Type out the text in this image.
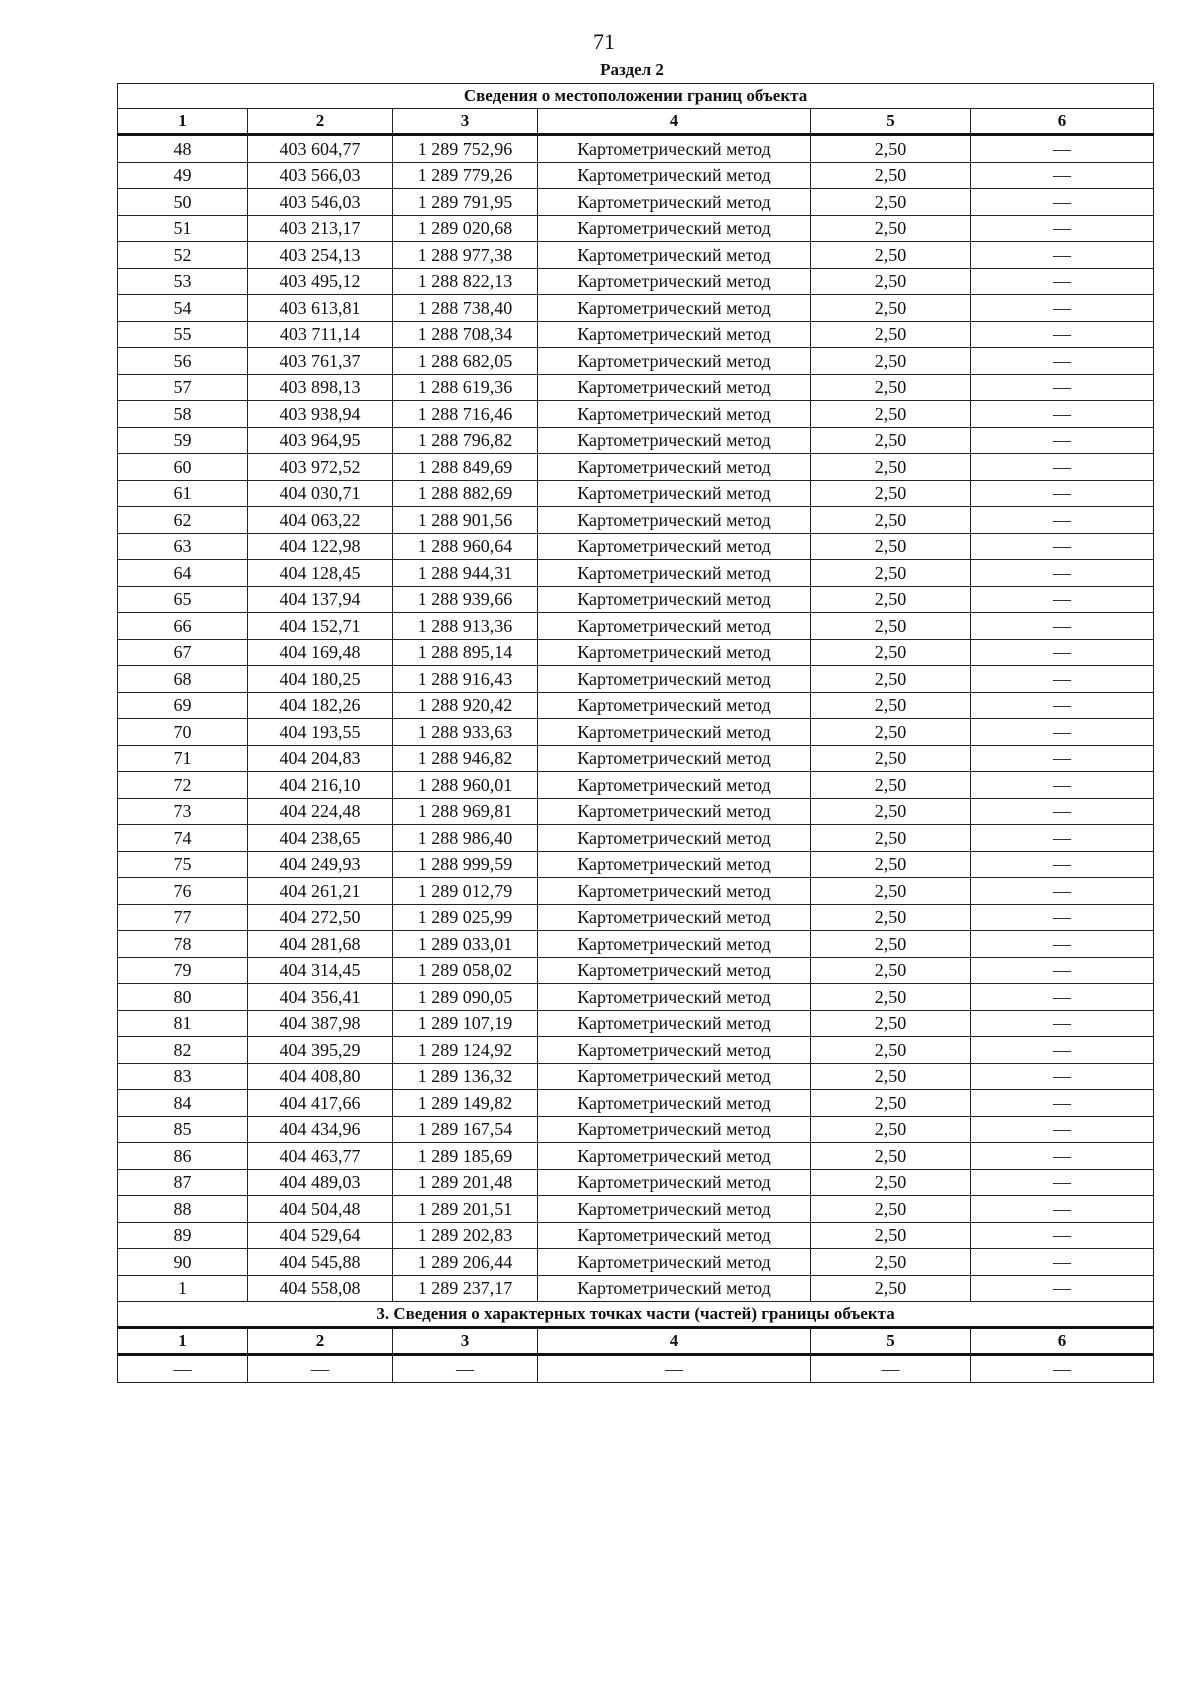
71
Раздел 2
Сведения о местоположении границ объекта					
1	2	3	4	5	6
48	403 604,77	1 289 752,96	Картометрический метод	2,50	—
49	403 566,03	1 289 779,26	Картометрический метод	2,50	—
50	403 546,03	1 289 791,95	Картометрический метод	2,50	—
51	403 213,17	1 289 020,68	Картометрический метод	2,50	—
52	403 254,13	1 288 977,38	Картометрический метод	2,50	—
53	403 495,12	1 288 822,13	Картометрический метод	2,50	—
54	403 613,81	1 288 738,40	Картометрический метод	2,50	—
55	403 711,14	1 288 708,34	Картометрический метод	2,50	—
56	403 761,37	1 288 682,05	Картометрический метод	2,50	—
57	403 898,13	1 288 619,36	Картометрический метод	2,50	—
58	403 938,94	1 288 716,46	Картометрический метод	2,50	—
59	403 964,95	1 288 796,82	Картометрический метод	2,50	—
60	403 972,52	1 288 849,69	Картометрический метод	2,50	—
61	404 030,71	1 288 882,69	Картометрический метод	2,50	—
62	404 063,22	1 288 901,56	Картометрический метод	2,50	—
63	404 122,98	1 288 960,64	Картометрический метод	2,50	—
64	404 128,45	1 288 944,31	Картометрический метод	2,50	—
65	404 137,94	1 288 939,66	Картометрический метод	2,50	—
66	404 152,71	1 288 913,36	Картометрический метод	2,50	—
67	404 169,48	1 288 895,14	Картометрический метод	2,50	—
68	404 180,25	1 288 916,43	Картометрический метод	2,50	—
69	404 182,26	1 288 920,42	Картометрический метод	2,50	—
70	404 193,55	1 288 933,63	Картометрический метод	2,50	—
71	404 204,83	1 288 946,82	Картометрический метод	2,50	—
72	404 216,10	1 288 960,01	Картометрический метод	2,50	—
73	404 224,48	1 288 969,81	Картометрический метод	2,50	—
74	404 238,65	1 288 986,40	Картометрический метод	2,50	—
75	404 249,93	1 288 999,59	Картометрический метод	2,50	—
76	404 261,21	1 289 012,79	Картометрический метод	2,50	—
77	404 272,50	1 289 025,99	Картометрический метод	2,50	—
78	404 281,68	1 289 033,01	Картометрический метод	2,50	—
79	404 314,45	1 289 058,02	Картометрический метод	2,50	—
80	404 356,41	1 289 090,05	Картометрический метод	2,50	—
81	404 387,98	1 289 107,19	Картометрический метод	2,50	—
82	404 395,29	1 289 124,92	Картометрический метод	2,50	—
83	404 408,80	1 289 136,32	Картометрический метод	2,50	—
84	404 417,66	1 289 149,82	Картометрический метод	2,50	—
85	404 434,96	1 289 167,54	Картометрический метод	2,50	—
86	404 463,77	1 289 185,69	Картометрический метод	2,50	—
87	404 489,03	1 289 201,48	Картометрический метод	2,50	—
88	404 504,48	1 289 201,51	Картометрический метод	2,50	—
89	404 529,64	1 289 202,83	Картометрический метод	2,50	—
90	404 545,88	1 289 206,44	Картометрический метод	2,50	—
1	404 558,08	1 289 237,17	Картометрический метод	2,50	—
3. Сведения о характерных точках части (частей) границы объекта					
1	2	3	4	5	6
—	—	—	—	—	—
